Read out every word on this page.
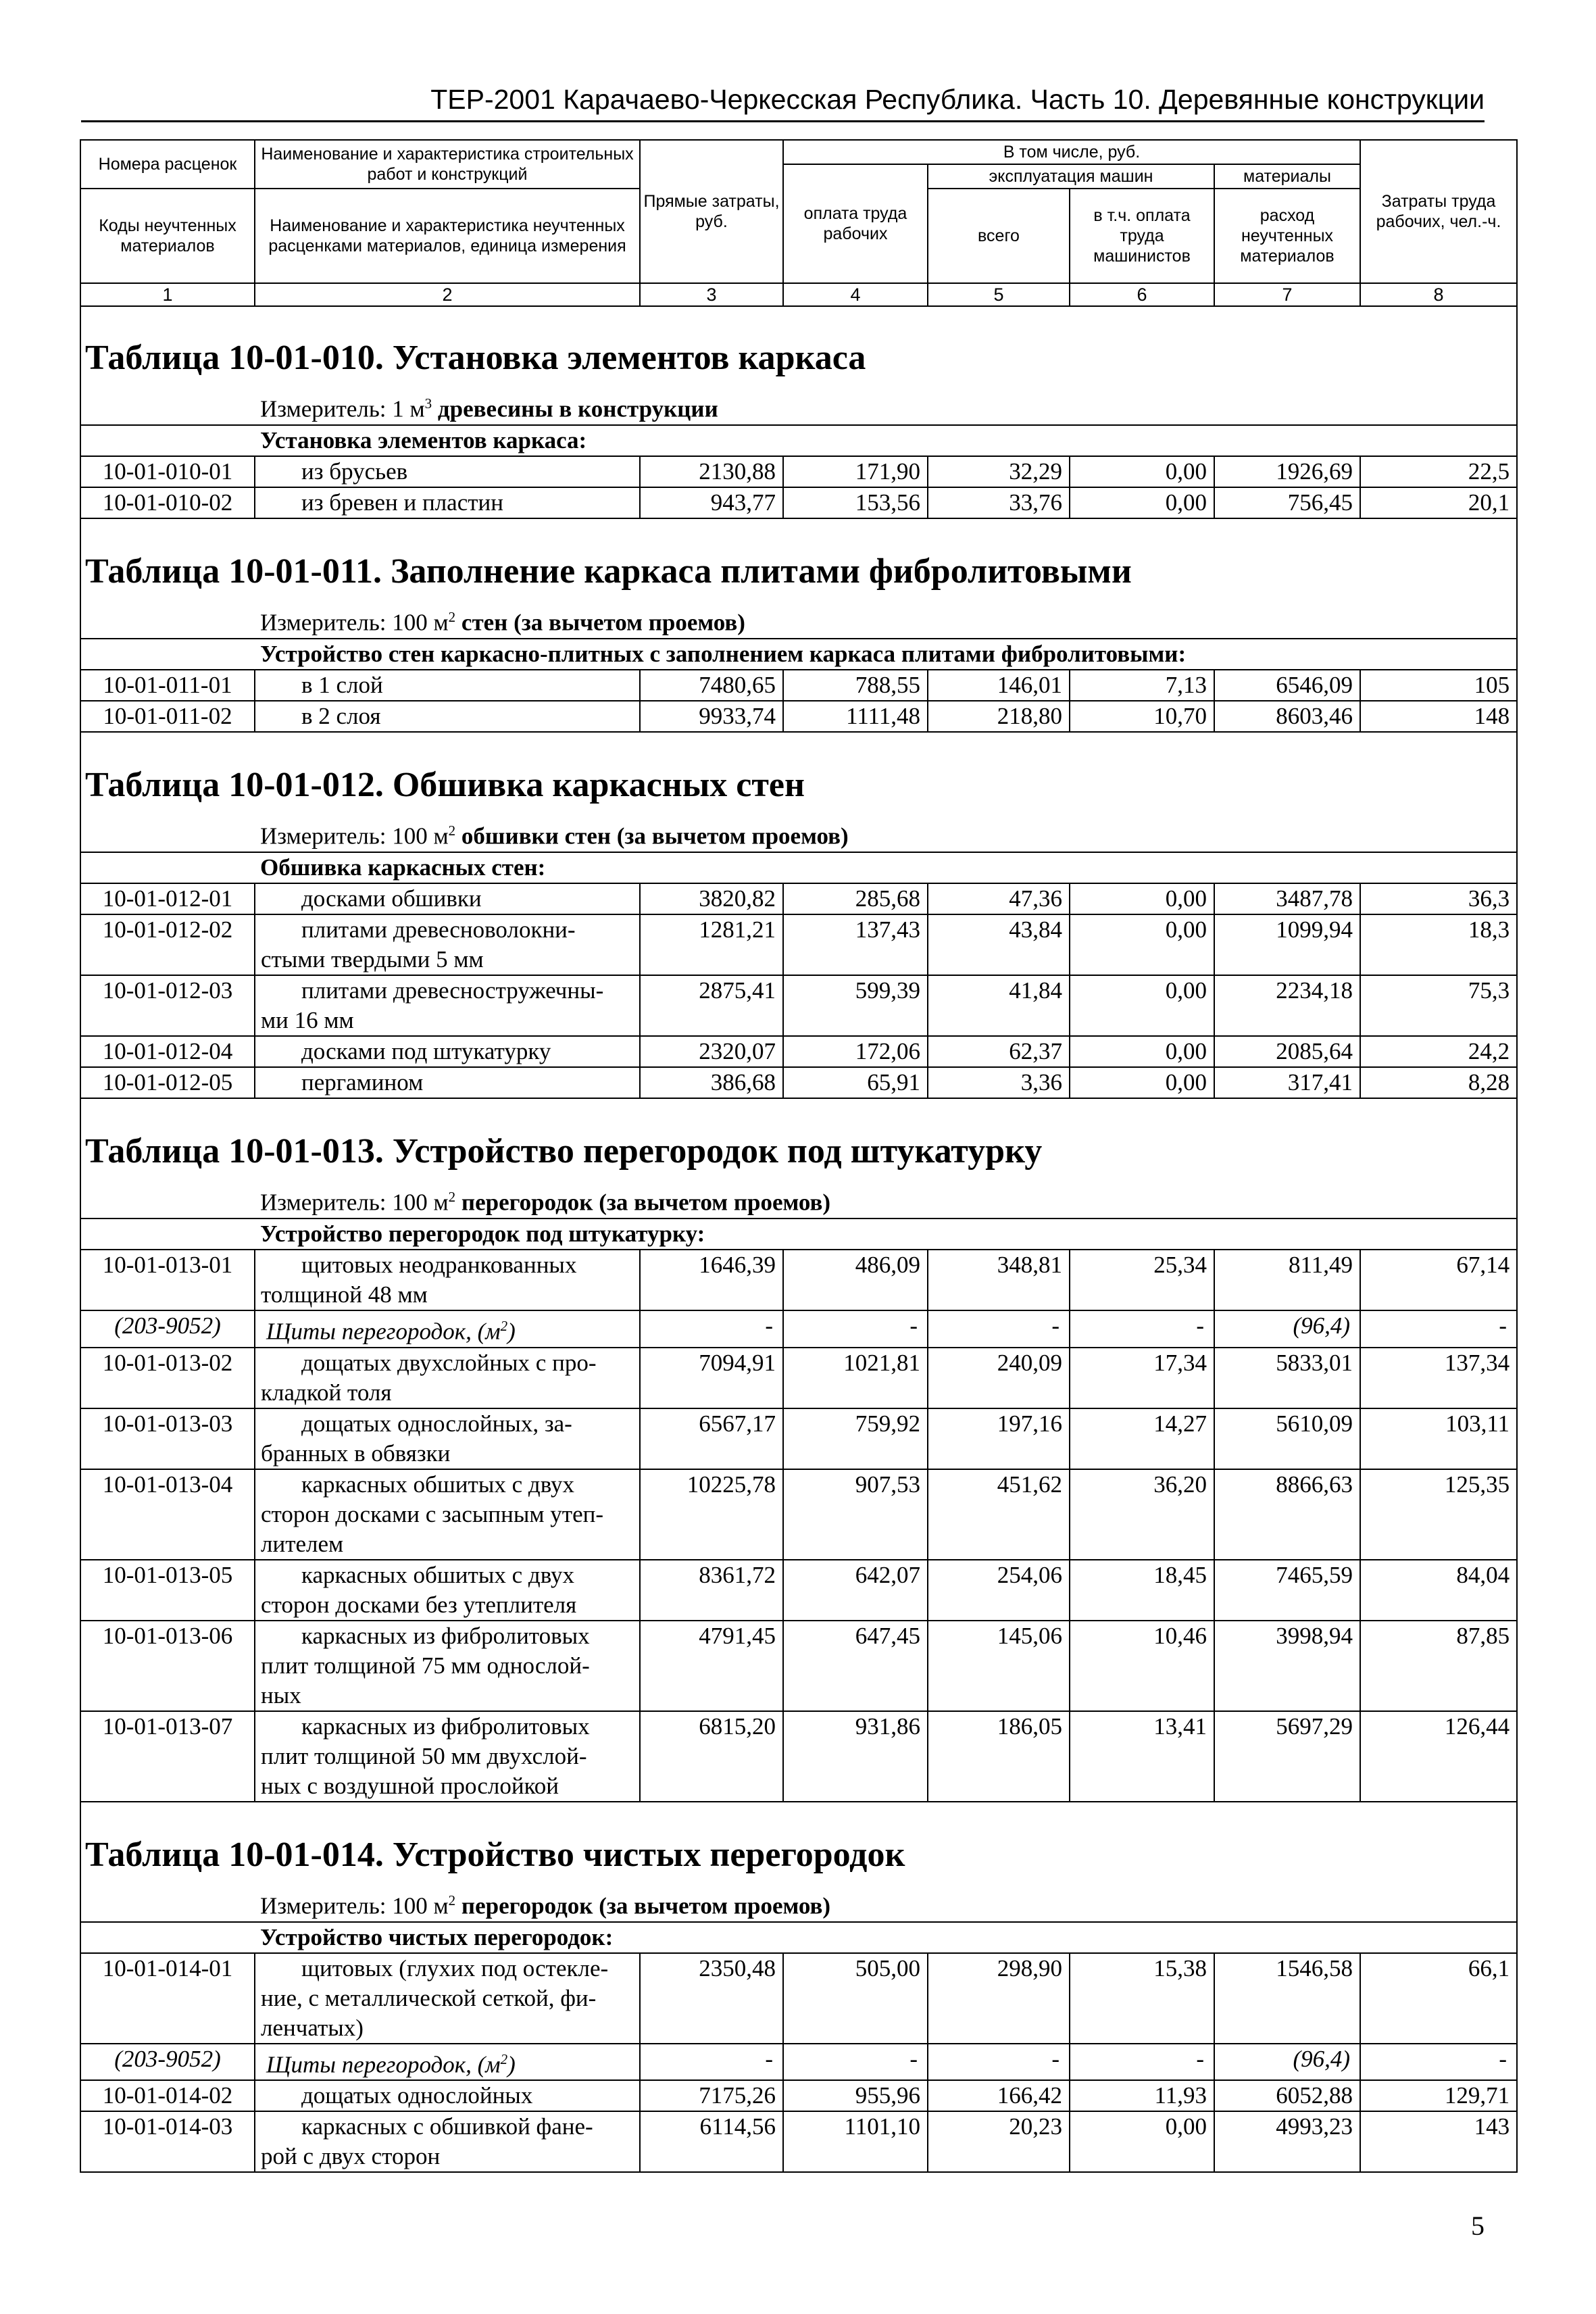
ТЕР-2001 Карачаево-Черкесская Республика. Часть 10. Деревянные конструкции
Номера расценок	Наименование и характеристика строительных работ и конструкций	Прямые затраты, руб.	В том числе, руб.				Затраты труда рабочих, чел.-ч.
			оплата труда рабочих	эксплуатация машин		материалы	
Коды неучтенных материалов	Наименование и характеристика неучтенных расценками материалов, единица измерения			всего	в т.ч. оплата труда машинистов	расход неучтенных материалов	

1	2	3	4	5	6	7	8
Таблица 10-01-010. Установка элементов каркаса							
Измеритель: 1 $м^3$ древесины в конструкции							
Установка элементов каркаса:							
10-01-010-01	из брусьев	2130,88	171,90	32,29	0,00	1926,69	22,5
10-01-010-02	из бревен и пластин	943,77	153,56	33,76	0,00	756,45	20,1
Таблица 10-01-011. Заполнение каркаса плитами фибролитовыми							
Измеритель: 100 $м^2$ стен (за вычетом проемов)							
Устройство стен каркасно-плитных с заполнением каркаса плитами фибролитовыми:							
10-01-011-01	в 1 слой	7480,65	788,55	146,01	7,13	6546,09	105
10-01-011-02	в 2 слоя	9933,74	1111,48	218,80	10,70	8603,46	148
Таблица 10-01-012. Обшивка каркасных стен							
Измеритель: 100 $м^2$ обшивки стен (за вычетом проемов)							
Обшивка каркасных стен:							
10-01-012-01	досками обшивки	3820,82	285,68	47,36	0,00	3487,78	36,3
10-01-012-02	плитами древесноволокни-
стыми твердыми 5 мм	1281,21	137,43	43,84	0,00	1099,94	18,3
10-01-012-03	плитами древесностружечны-
ми 16 мм	2875,41	599,39	41,84	0,00	2234,18	75,3
10-01-012-04	досками под штукатурку	2320,07	172,06	62,37	0,00	2085,64	24,2
10-01-012-05	пергамином	386,68	65,91	3,36	0,00	317,41	8,28
Таблица 10-01-013. Устройство перегородок под штукатурку							
Измеритель: 100 $м^2$ перегородок (за вычетом проемов)							
Устройство перегородок под штукатурку:							
10-01-013-01	щитовых неодранкованных
толщиной 48 мм	1646,39	486,09	348,81	25,34	811,49	67,14
(203-9052)	Щиты перегородок, $(м^2)$	-	-	-	-	(96,4)	-
10-01-013-02	дощатых двухслойных с про-
кладкой толя	7094,91	1021,81	240,09	17,34	5833,01	137,34
10-01-013-03	дощатых однослойных, за-
бранных в обвязки	6567,17	759,92	197,16	14,27	5610,09	103,11
10-01-013-04	каркасных обшитых с двух
сторон досками с засыпным утеп-
лителем	10225,78	907,53	451,62	36,20	8866,63	125,35
10-01-013-05	каркасных обшитых с двух
сторон досками без утеплителя	8361,72	642,07	254,06	18,45	7465,59	84,04
10-01-013-06	каркасных из фибролитовых
плит толщиной 75 мм однослой-
ных	4791,45	647,45	145,06	10,46	3998,94	87,85
10-01-013-07	каркасных из фибролитовых
плит толщиной 50 мм двухслой-
ных с воздушной прослойкой	6815,20	931,86	186,05	13,41	5697,29	126,44
Таблица 10-01-014. Устройство чистых перегородок							
Измеритель: 100 $м^2$ перегородок (за вычетом проемов)							
Устройство чистых перегородок:							
10-01-014-01	щитовых (глухих под остекле-
ние, с металлической сеткой, фи-
ленчатых)	2350,48	505,00	298,90	15,38	1546,58	66,1
(203-9052)	Щиты перегородок, $(м^2)$	-	-	-	-	(96,4)	-
10-01-014-02	дощатых однослойных	7175,26	955,96	166,42	11,93	6052,88	129,71
10-01-014-03	каркасных с обшивкой фане-
рой с двух сторон	6114,56	1101,10	20,23	0,00	4993,23	143
5
